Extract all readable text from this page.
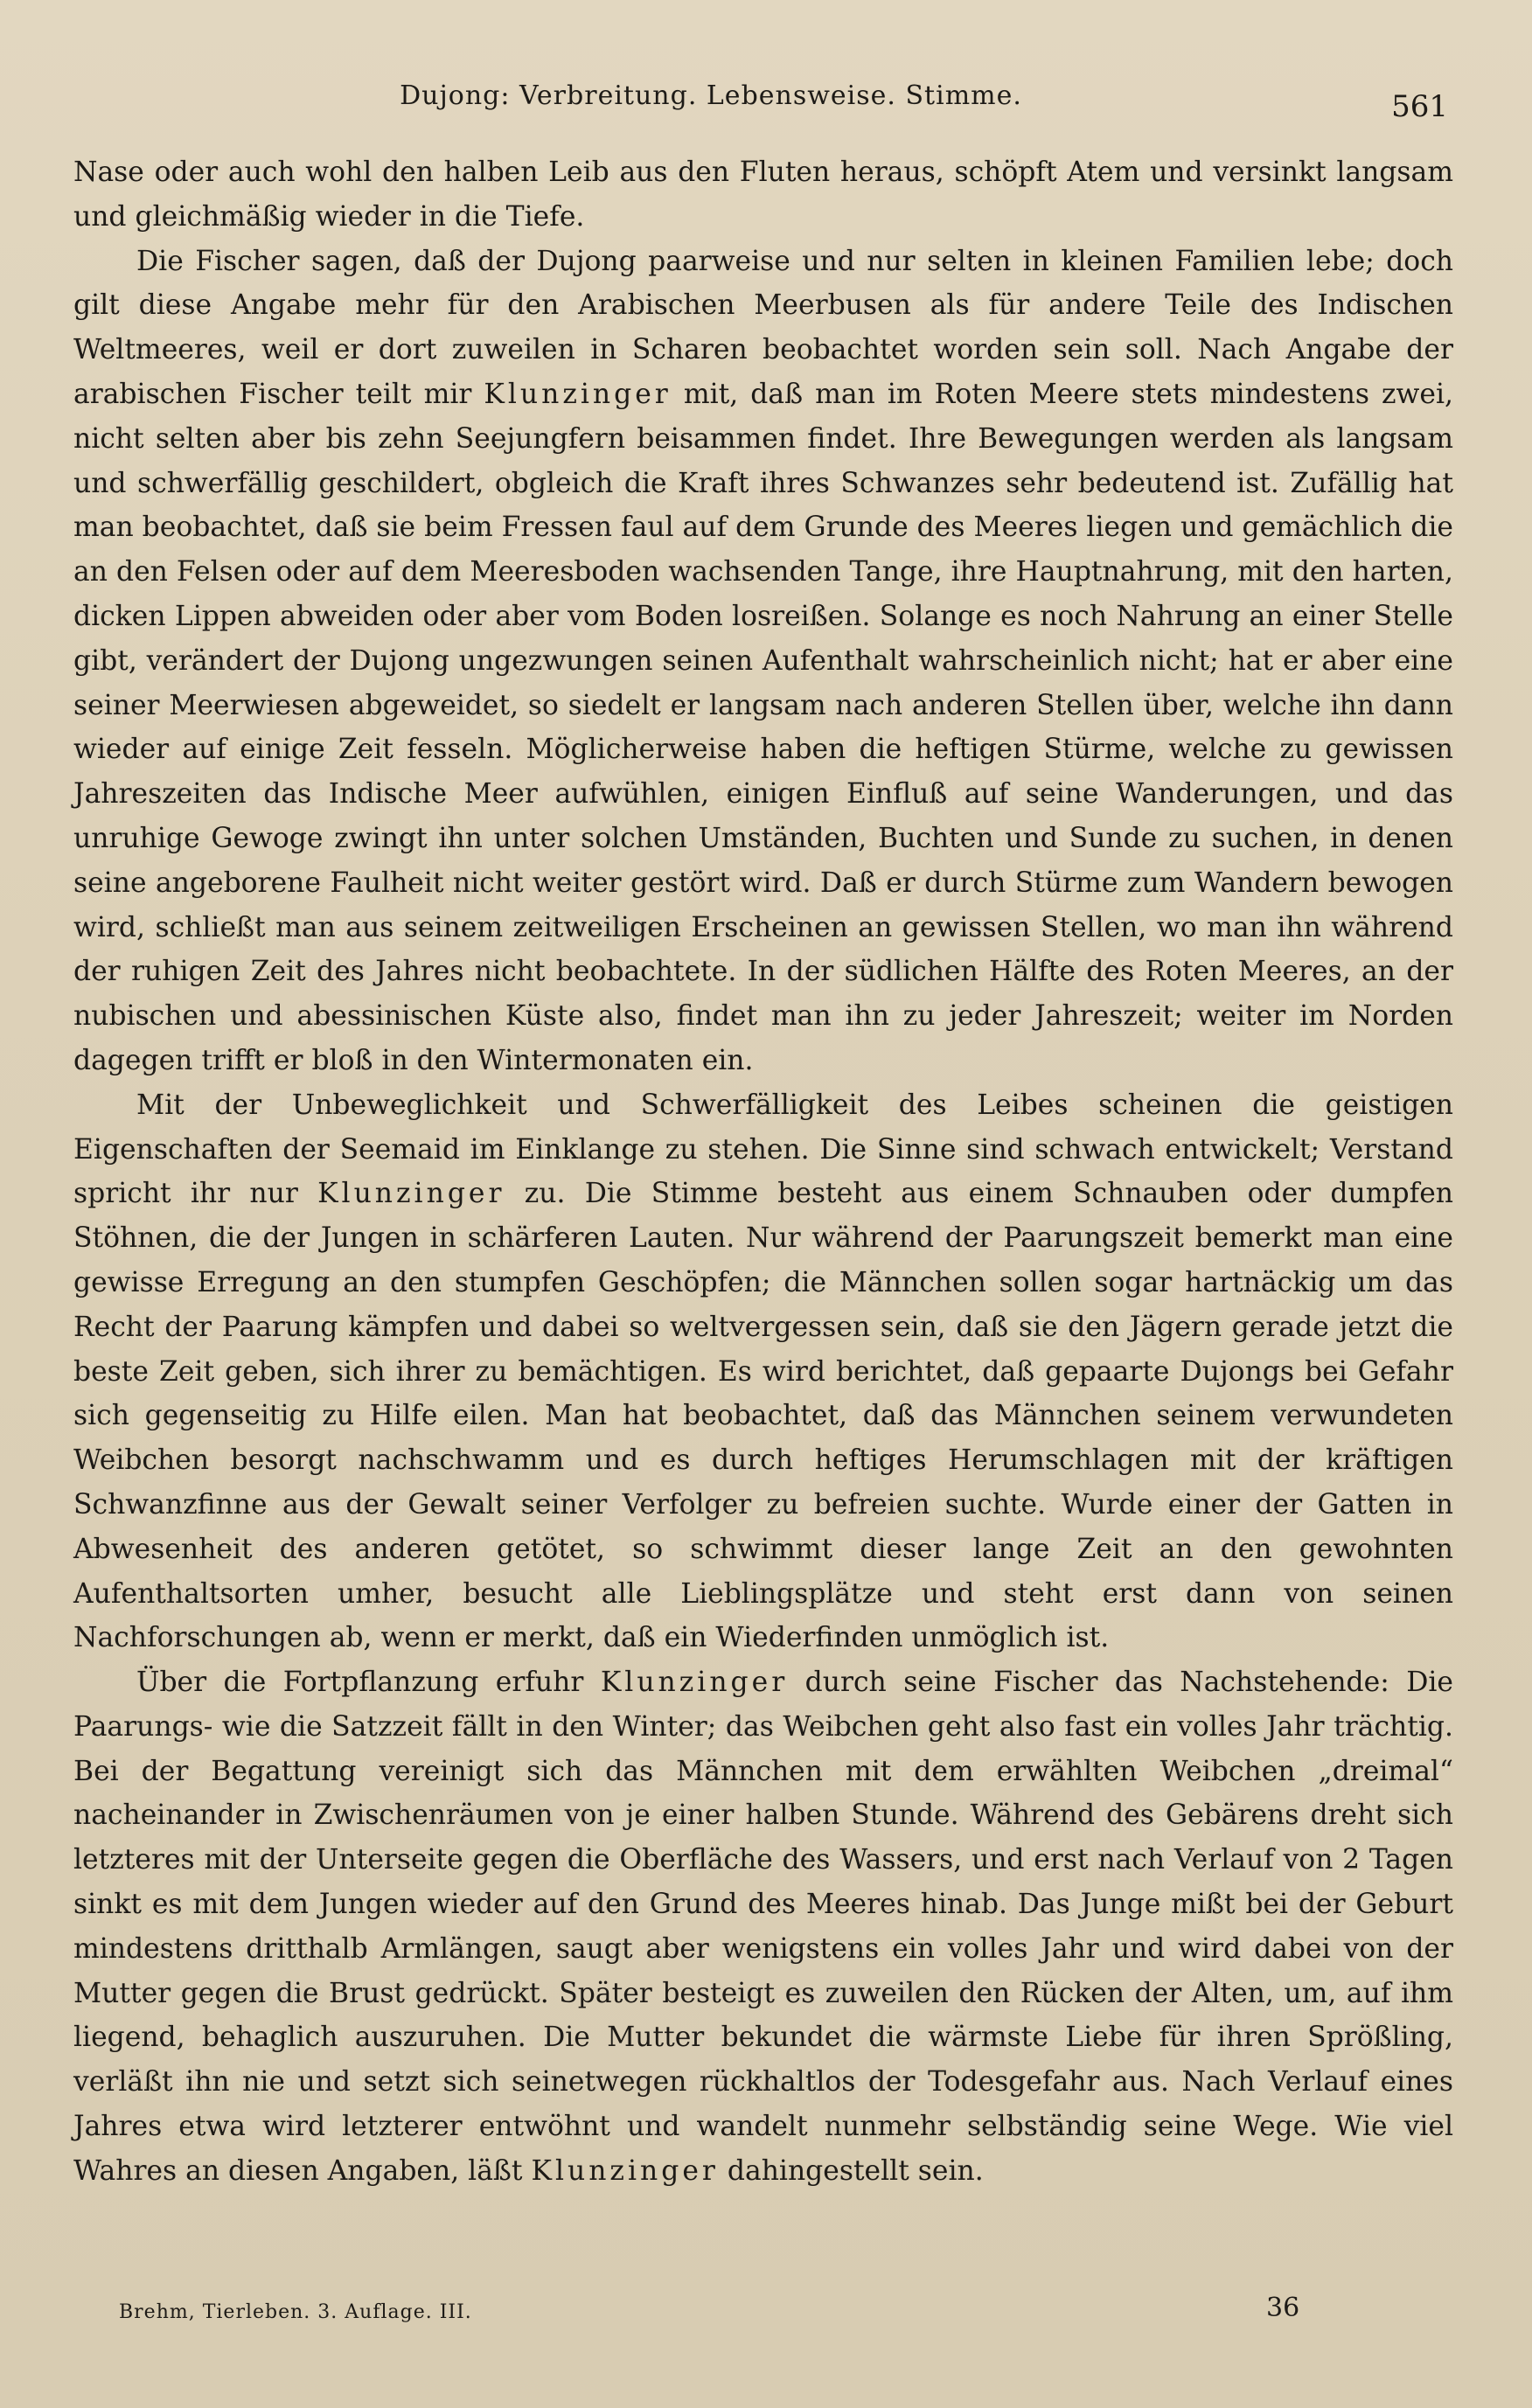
Dujong: Verbreitung. Lebensweise. Stimme.	561

Nase oder auch wohl den halben Leib aus den Fluten heraus, schöpft Atem und versinkt langsam und gleichmäßig wieder in die Tiefe.

Die Fischer sagen, daß der Dujong paarweise und nur selten in kleinen Familien lebe; doch gilt diese Angabe mehr für den Arabischen Meerbusen als für andere Teile des Indischen Weltmeeres, weil er dort zuweilen in Scharen beobachtet worden sein soll. Nach Angabe der arabischen Fischer teilt mir Klunzinger mit, daß man im Roten Meere stets mindestens zwei, nicht selten aber bis zehn Seejungfern beisammen findet. Ihre Bewegungen werden als langsam und schwerfällig geschildert, obgleich die Kraft ihres Schwanzes sehr bedeutend ist. Zufällig hat man beobachtet, daß sie beim Fressen faul auf dem Grunde des Meeres liegen und gemächlich die an den Felsen oder auf dem Meeresboden wachsenden Tange, ihre Hauptnahrung, mit den harten, dicken Lippen abweiden oder aber vom Boden losreißen. Solange es noch Nahrung an einer Stelle gibt, verändert der Dujong ungezwungen seinen Aufenthalt wahrscheinlich nicht; hat er aber eine seiner Meerwiesen abgeweidet, so siedelt er langsam nach anderen Stellen über, welche ihn dann wieder auf einige Zeit fesseln. Möglicherweise haben die heftigen Stürme, welche zu gewissen Jahreszeiten das Indische Meer aufwühlen, einigen Einfluß auf seine Wanderungen, und das unruhige Gewoge zwingt ihn unter solchen Umständen, Buchten und Sunde zu suchen, in denen seine angeborene Faulheit nicht weiter gestört wird. Daß er durch Stürme zum Wandern bewogen wird, schließt man aus seinem zeitweiligen Erscheinen an gewissen Stellen, wo man ihn während der ruhigen Zeit des Jahres nicht beobachtete. In der südlichen Hälfte des Roten Meeres, an der nubischen und abessinischen Küste also, findet man ihn zu jeder Jahreszeit; weiter im Norden dagegen trifft er bloß in den Wintermonaten ein.

Mit der Unbeweglichkeit und Schwerfälligkeit des Leibes scheinen die geistigen Eigenschaften der Seemaid im Einklange zu stehen. Die Sinne sind schwach entwickelt; Verstand spricht ihr nur Klunzinger zu. Die Stimme besteht aus einem Schnauben oder dumpfen Stöhnen, die der Jungen in schärferen Lauten. Nur während der Paarungszeit bemerkt man eine gewisse Erregung an den stumpfen Geschöpfen; die Männchen sollen sogar hartnäckig um das Recht der Paarung kämpfen und dabei so weltvergessen sein, daß sie den Jägern gerade jetzt die beste Zeit geben, sich ihrer zu bemächtigen. Es wird berichtet, daß gepaarte Dujongs bei Gefahr sich gegenseitig zu Hilfe eilen. Man hat beobachtet, daß das Männchen seinem verwundeten Weibchen besorgt nachschwamm und es durch heftiges Herumschlagen mit der kräftigen Schwanzfinne aus der Gewalt seiner Verfolger zu befreien suchte. Wurde einer der Gatten in Abwesenheit des anderen getötet, so schwimmt dieser lange Zeit an den gewohnten Aufenthaltsorten umher, besucht alle Lieblingsplätze und steht erst dann von seinen Nachforschungen ab, wenn er merkt, daß ein Wiederfinden unmöglich ist.

Über die Fortpflanzung erfuhr Klunzinger durch seine Fischer das Nachstehende: Die Paarungs- wie die Satzzeit fällt in den Winter; das Weibchen geht also fast ein volles Jahr trächtig. Bei der Begattung vereinigt sich das Männchen mit dem erwählten Weibchen „dreimal“ nacheinander in Zwischenräumen von je einer halben Stunde. Während des Gebärens dreht sich letzteres mit der Unterseite gegen die Oberfläche des Wassers, und erst nach Verlauf von 2 Tagen sinkt es mit dem Jungen wieder auf den Grund des Meeres hinab. Das Junge mißt bei der Geburt mindestens dritthalb Armlängen, saugt aber wenigstens ein volles Jahr und wird dabei von der Mutter gegen die Brust gedrückt. Später besteigt es zuweilen den Rücken der Alten, um, auf ihm liegend, behaglich auszuruhen. Die Mutter bekundet die wärmste Liebe für ihren Sprößling, verläßt ihn nie und setzt sich seinetwegen rückhaltlos der Todesgefahr aus. Nach Verlauf eines Jahres etwa wird letzterer entwöhnt und wandelt nunmehr selbständig seine Wege. Wie viel Wahres an diesen Angaben, läßt Klunzinger dahingestellt sein.

Brehm, Tierleben. 3. Auflage. III.	36
